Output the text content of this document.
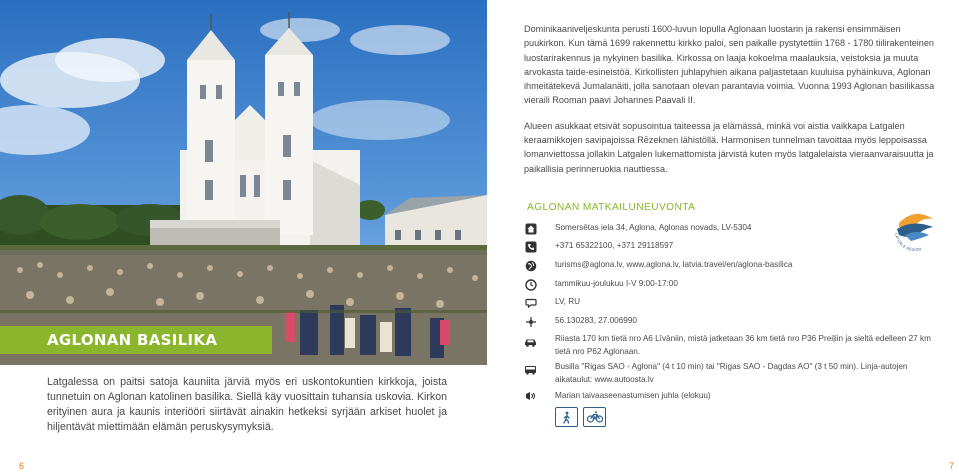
AGLONAN BASILIKA

Latgalessa on paitsi satoja kauniita järviä myös eri uskontokuntien kirkkoja, joista tunnetuin on Aglonan katolinen basilika. Siellä käy vuosittain tuhansia uskovia. Kirkon erityinen aura ja kaunis interiööri siirtävät ainakin hetkeksi syrjään arkiset huolet ja hiljentävät miettimään elämän peruskysymyksiä.

6

Dominikaaniveljeskunta perusti 1600-luvun lopulla Aglonaan luostarin ja rakensi ensimmäisen puukirkon. Kun tämä 1699 rakennettu kirkko paloi, sen paikalle pystytettiin 1768 - 1780 tiilirakenteinen luostarirakennus ja nykyinen basilika. Kirkossa on laaja kokoelma maalauksia, veistoksia ja muuta arvokasta taide-esineistöä. Kirkollisten juhlapyhien aikana paljastetaan kuuluisa pyhäinkuva, Aglonan ihmeitätekevä Jumalanäiti, jolla sanotaan olevan parantavia voimia. Vuonna 1993 Aglonan basilikassa vieraili Rooman paavi Johannes Paavali II.

Alueen asukkaat etsivät sopusointua taiteessa ja elämässä, minkä voi aistia vaikkapa Latgalen keraamikkojen savipajoissa Rēzeknen lähistöllä. Harmonisen tunnelman tavoittaa myös leppoisassa lomanviettossa jollakin Latgalen lukemattomista järvistä kuten myös latgalelaista vieraanvaraisuutta ja paikallisia perinneruokia nauttiessa.

AGLONAN MATKAILUNEUVONTA
Somersētas iela 34, Aglona, Aglonas novads, LV-5304
+371 65322100, +371 29118597
turisms@aglona.lv, www.aglona.lv, latvia.travel/en/aglona-basilica
tammikuu-joulukuu I-V 9:00-17:00
LV, RU
56.130283, 27.006990
Riiasta 170 km tietä nro A6 Līvāniin, mistä jatketaan 36 km tietä nro P36 Preiļiin ja sieltä edelleen 27 km tietä nro P62 Aglonaan.
Busilla "Rigas SAO - Aglona" (4 t 10 min) tai "Rigas SAO - Dagdas AO" (3 t 50 min). Linja-autojen aikataulut: www.autoosta.lv
Marian taivaaseenastumisen juhla (elokuu)
LATGALE REGION
7
